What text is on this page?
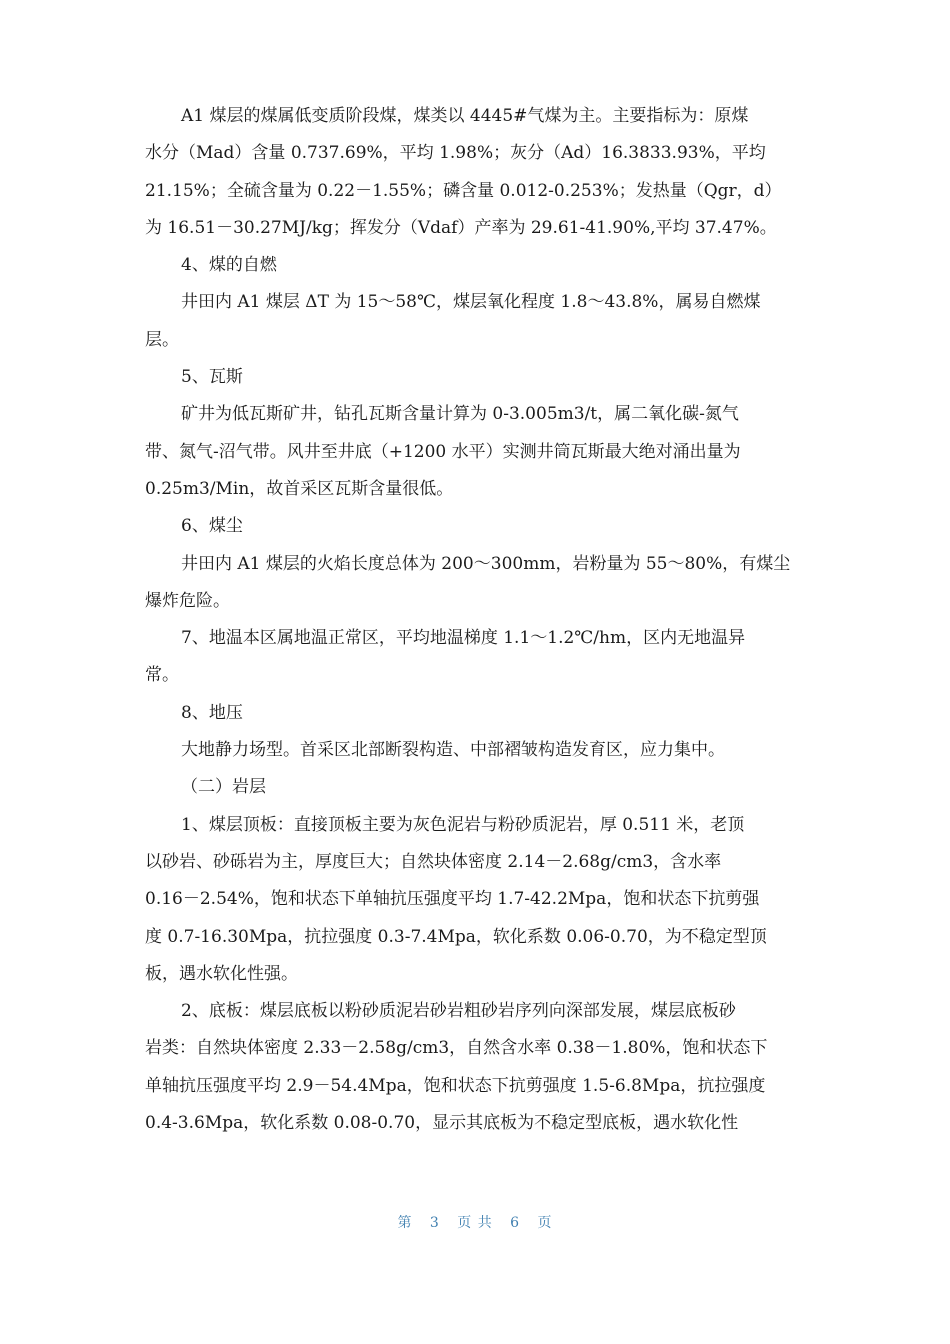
A1 煤层的煤属低变质阶段煤，煤类以 4445#气煤为主。主要指标为：原煤
水分（Mad）含量 0.737.69%，平均 1.98%；灰分（Ad）16.3833.93%，平均
21.15%；全硫含量为 0.22－1.55%；磷含量 0.012-0.253%；发热量（Qgr，d）
为 16.51－30.27MJ/kg；挥发分（Vdaf）产率为 29.61-41.90%,平均 37.47%。
4、煤的自燃
井田内 A1 煤层 ΔT 为 15～58℃，煤层氧化程度 1.8～43.8%，属易自燃煤
层。
5、瓦斯
矿井为低瓦斯矿井，钻孔瓦斯含量计算为 0-3.005m3/t，属二氧化碳-氮气
带、氮气-沼气带。风井至井底（+1200 水平）实测井筒瓦斯最大绝对涌出量为
0.25m3/Min，故首采区瓦斯含量很低。
6、煤尘
井田内 A1 煤层的火焰长度总体为 200～300mm，岩粉量为 55～80%，有煤尘
爆炸危险。
7、地温本区属地温正常区，平均地温梯度 1.1～1.2℃/hm，区内无地温异
常。
8、地压
大地静力场型。首采区北部断裂构造、中部褶皱构造发育区，应力集中。
（二）岩层
1、煤层顶板：直接顶板主要为灰色泥岩与粉砂质泥岩，厚 0.511 米，老顶
以砂岩、砂砾岩为主，厚度巨大；自然块体密度 2.14－2.68g/cm3，含水率
0.16－2.54%，饱和状态下单轴抗压强度平均 1.7-42.2Mpa，饱和状态下抗剪强
度 0.7-16.30Mpa，抗拉强度 0.3-7.4Mpa，软化系数 0.06-0.70，为不稳定型顶
板，遇水软化性强。
2、底板：煤层底板以粉砂质泥岩砂岩粗砂岩序列向深部发展，煤层底板砂
岩类：自然块体密度 2.33－2.58g/cm3，自然含水率 0.38－1.80%，饱和状态下
单轴抗压强度平均 2.9－54.4Mpa，饱和状态下抗剪强度 1.5-6.8Mpa，抗拉强度
0.4-3.6Mpa，软化系数 0.08-0.70，显示其底板为不稳定型底板，遇水软化性
第 3 页 共 6 页
